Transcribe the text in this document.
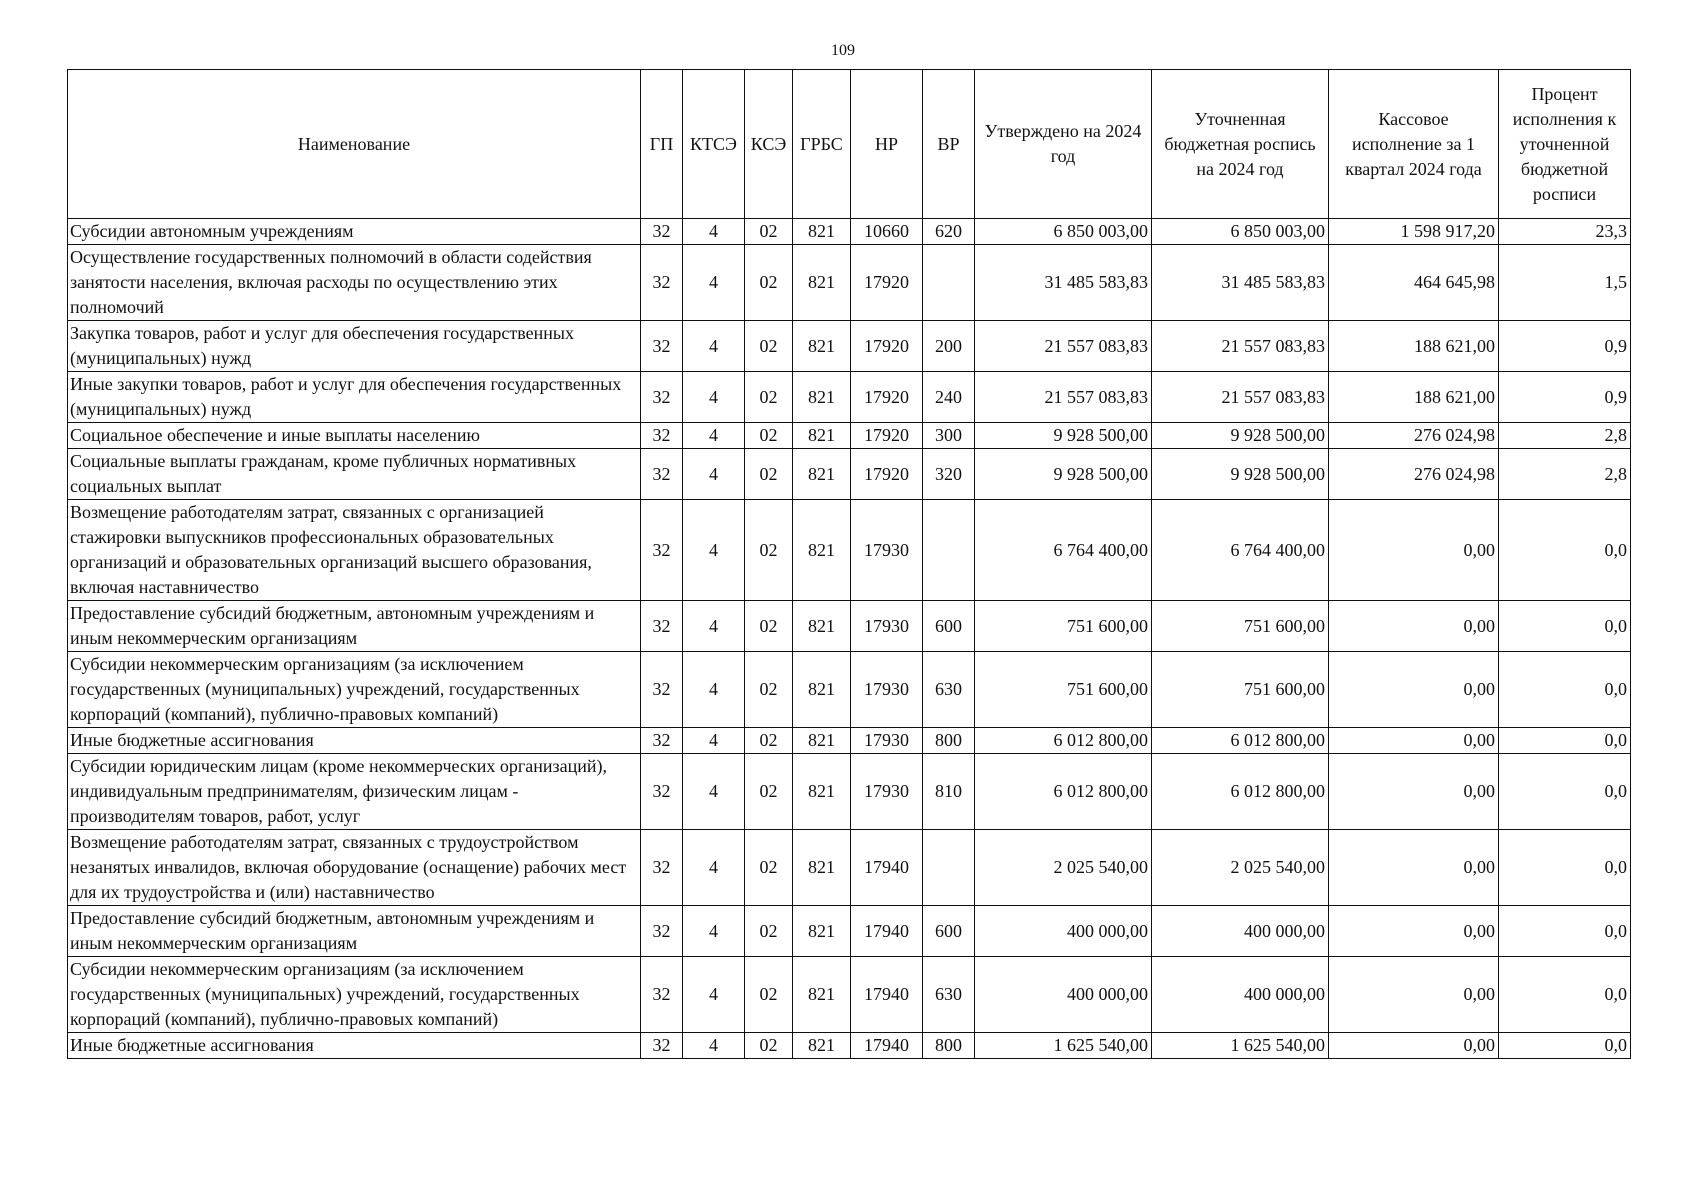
109
Наименование	ГП	КТСЭ	КСЭ	ГРБС	НР	ВР	Утверждено на 2024 год	Уточненная бюджетная роспись на 2024 год	Кассовое исполнение за 1 квартал 2024 года	Процент исполнения к уточненной бюджетной росписи
Субсидии автономным учреждениям	32	4	02	821	10660	620	6 850 003,00	6 850 003,00	1 598 917,20	23,3
Осуществление государственных полномочий в области содействия занятости населения, включая расходы по осуществлению этих полномочий	32	4	02	821	17920		31 485 583,83	31 485 583,83	464 645,98	1,5
Закупка товаров, работ и услуг для обеспечения государственных (муниципальных) нужд	32	4	02	821	17920	200	21 557 083,83	21 557 083,83	188 621,00	0,9
Иные закупки товаров, работ и услуг для обеспечения государственных (муниципальных) нужд	32	4	02	821	17920	240	21 557 083,83	21 557 083,83	188 621,00	0,9
Социальное обеспечение и иные выплаты населению	32	4	02	821	17920	300	9 928 500,00	9 928 500,00	276 024,98	2,8
Социальные выплаты гражданам, кроме публичных нормативных социальных выплат	32	4	02	821	17920	320	9 928 500,00	9 928 500,00	276 024,98	2,8
Возмещение работодателям затрат, связанных с организацией стажировки выпускников профессиональных образовательных организаций и образовательных организаций высшего образования, включая наставничество	32	4	02	821	17930		6 764 400,00	6 764 400,00	0,00	0,0
Предоставление субсидий бюджетным, автономным учреждениям и иным некоммерческим организациям	32	4	02	821	17930	600	751 600,00	751 600,00	0,00	0,0
Субсидии некоммерческим организациям (за исключением государственных (муниципальных) учреждений, государственных корпораций (компаний), публично-правовых компаний)	32	4	02	821	17930	630	751 600,00	751 600,00	0,00	0,0
Иные бюджетные ассигнования	32	4	02	821	17930	800	6 012 800,00	6 012 800,00	0,00	0,0
Субсидии юридическим лицам (кроме некоммерческих организаций), индивидуальным предпринимателям, физическим лицам - производителям товаров, работ, услуг	32	4	02	821	17930	810	6 012 800,00	6 012 800,00	0,00	0,0
Возмещение работодателям затрат, связанных с трудоустройством незанятых инвалидов, включая оборудование (оснащение) рабочих мест для их трудоустройства и (или) наставничество	32	4	02	821	17940		2 025 540,00	2 025 540,00	0,00	0,0
Предоставление субсидий бюджетным, автономным учреждениям и иным некоммерческим организациям	32	4	02	821	17940	600	400 000,00	400 000,00	0,00	0,0
Субсидии некоммерческим организациям (за исключением государственных (муниципальных) учреждений, государственных корпораций (компаний), публично-правовых компаний)	32	4	02	821	17940	630	400 000,00	400 000,00	0,00	0,0
Иные бюджетные ассигнования	32	4	02	821	17940	800	1 625 540,00	1 625 540,00	0,00	0,0
